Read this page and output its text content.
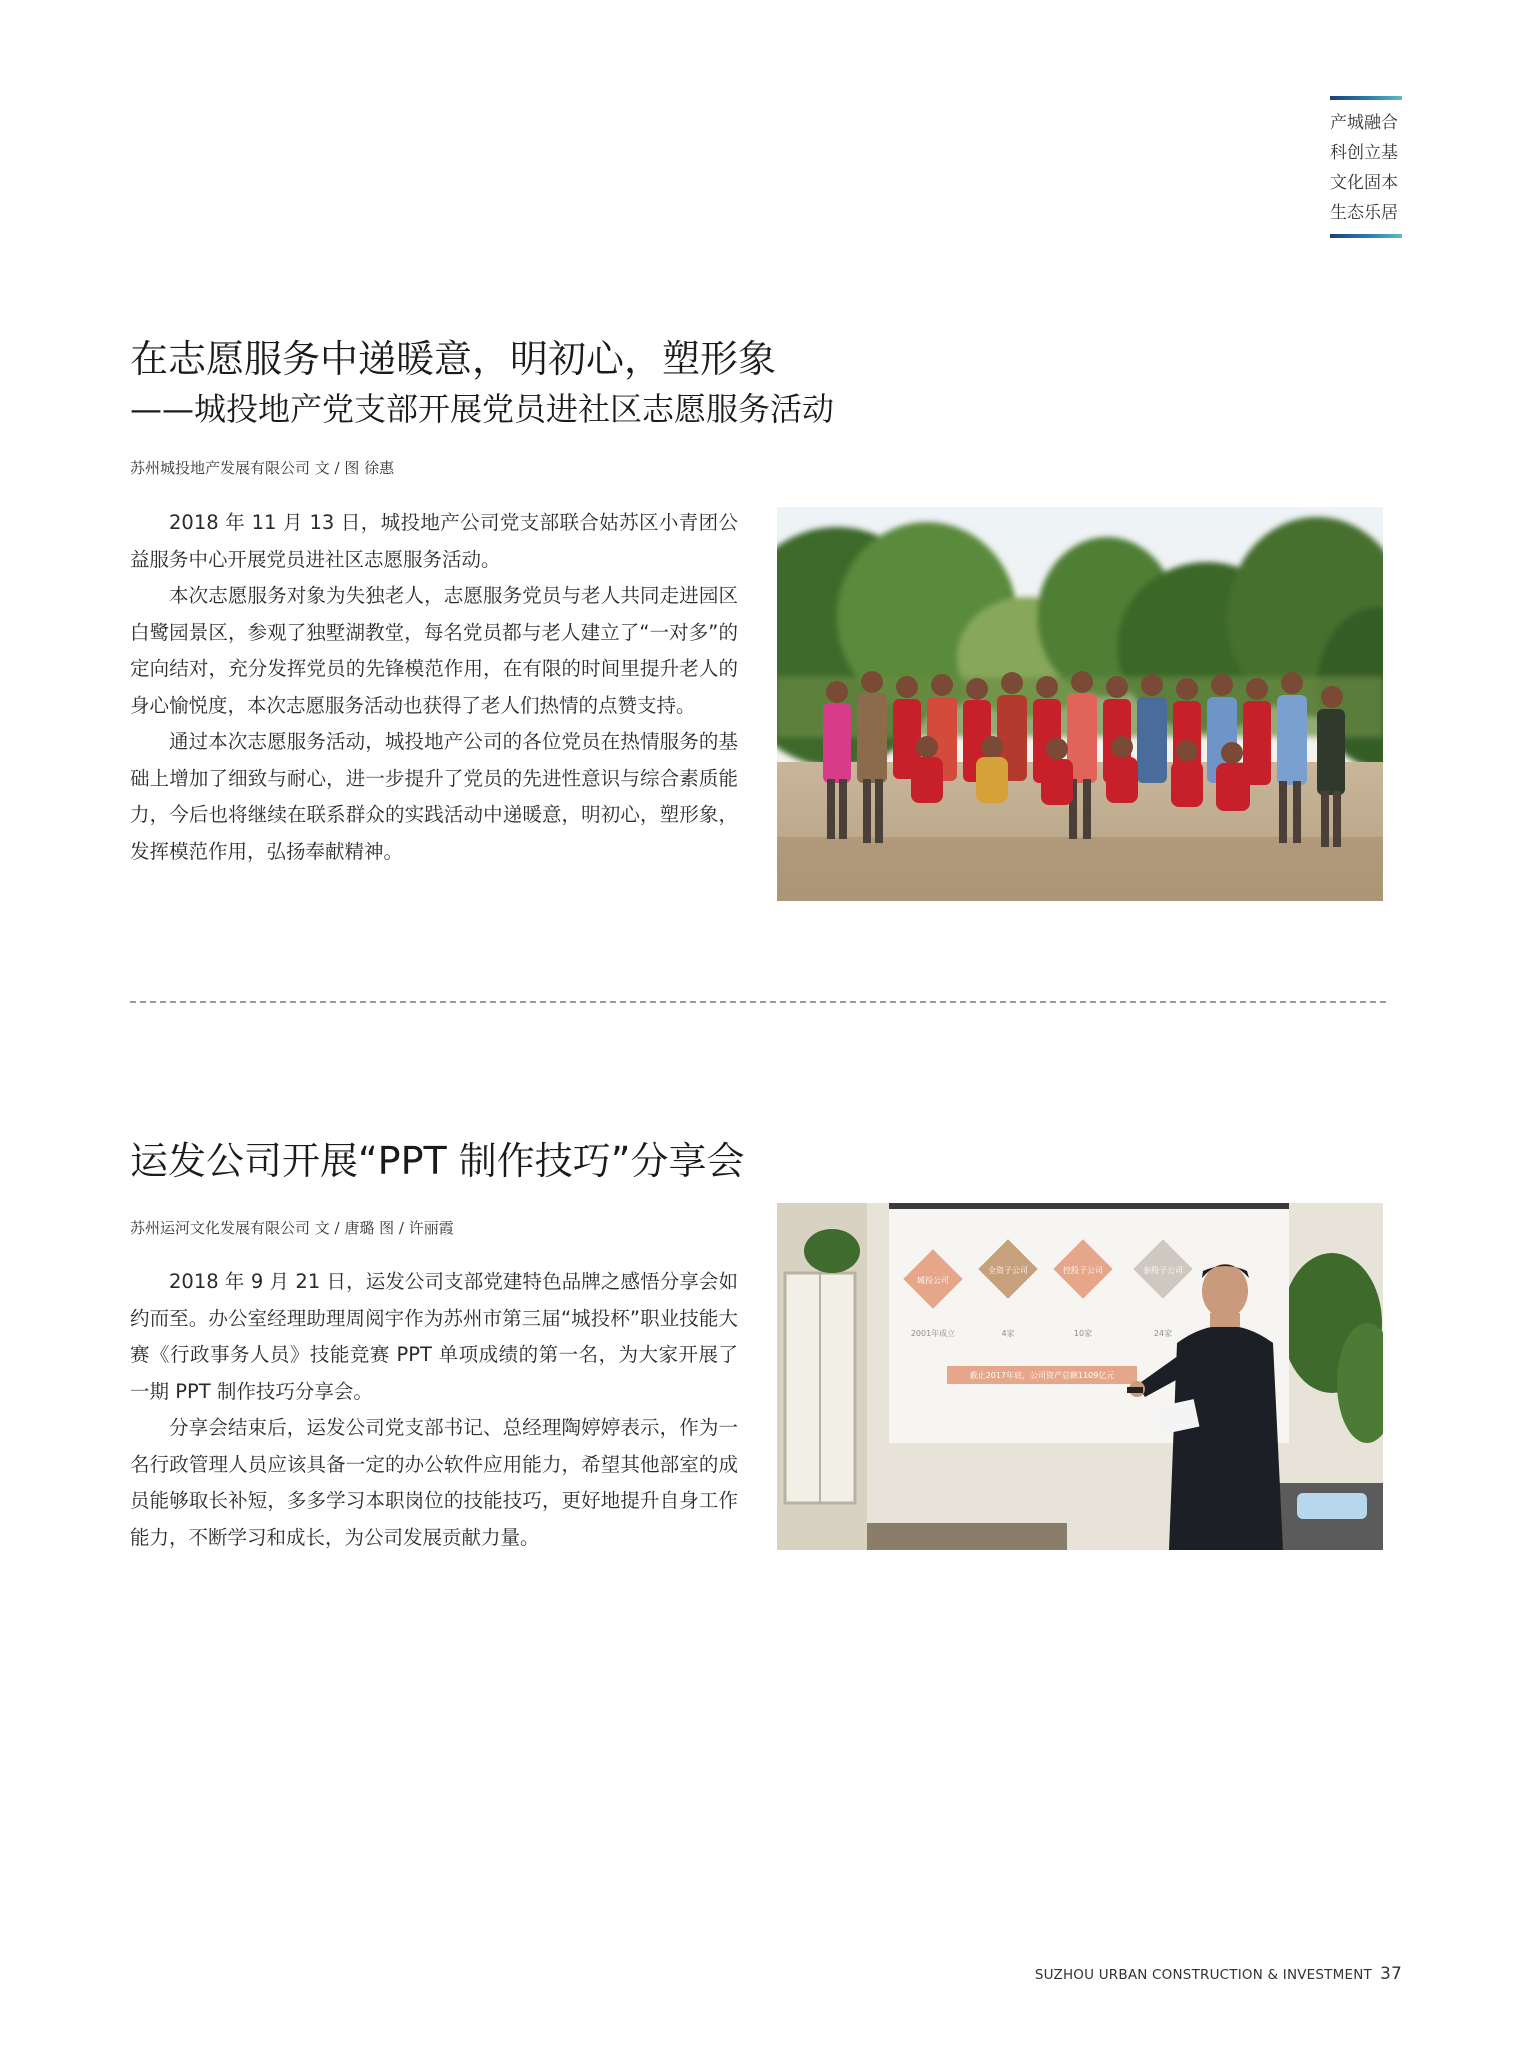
产城融合
科创立基
文化固本
生态乐居
在志愿服务中递暖意，明初心，塑形象
——城投地产党支部开展党员进社区志愿服务活动
苏州城投地产发展有限公司 文 / 图 徐惠

2018 年 11 月 13 日，城投地产公司党支部联合姑苏区小青团公益服务中心开展党员进社区志愿服务活动。

本次志愿服务对象为失独老人，志愿服务党员与老人共同走进园区白鹭园景区，参观了独墅湖教堂，每名党员都与老人建立了“一对多”的定向结对，充分发挥党员的先锋模范作用，在有限的时间里提升老人的身心愉悦度，本次志愿服务活动也获得了老人们热情的点赞支持。

通过本次志愿服务活动，城投地产公司的各位党员在热情服务的基础上增加了细致与耐心，进一步提升了党员的先进性意识与综合素质能力，今后也将继续在联系群众的实践活动中递暖意，明初心，塑形象，发挥模范作用，弘扬奉献精神。

运发公司开展“PPT 制作技巧”分享会
苏州运河文化发展有限公司 文 / 唐璐 图 / 许丽霞

2018 年 9 月 21 日，运发公司支部党建特色品牌之感悟分享会如约而至。办公室经理助理周阅宇作为苏州市第三届“城投杯”职业技能大赛《行政事务人员》技能竞赛 PPT 单项成绩的第一名，为大家开展了一期 PPT 制作技巧分享会。

分享会结束后，运发公司党支部书记、总经理陶婷婷表示，作为一名行政管理人员应该具备一定的办公软件应用能力，希望其他部室的成员能够取长补短，多多学习本职岗位的技能技巧，更好地提升自身工作能力，不断学习和成长，为公司发展贡献力量。

城投公司
全资子公司	控股子公司	参股子公司
2001年成立	4家	10家	24家
截止2017年底，公司资产总额1109亿元
SUZHOU URBAN CONSTRUCTION & INVESTMENT 37
